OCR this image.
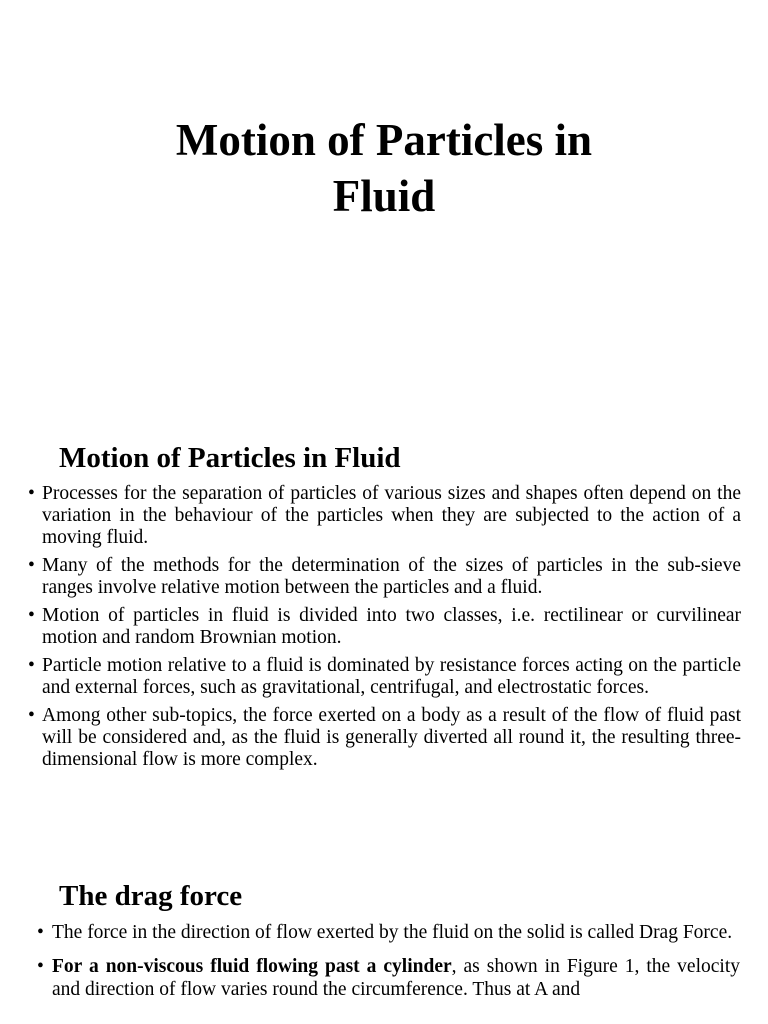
Motion of Particles in
Fluid
Motion of Particles in Fluid
• Processes for the separation of particles of various sizes and shapes often depend on the variation in the behaviour of the particles when they are subjected to the action of a moving fluid.
• Many of the methods for the determination of the sizes of particles in the sub-sieve ranges involve relative motion between the particles and a fluid.
• Motion of particles in fluid is divided into two classes, i.e. rectilinear or curvilinear motion and random Brownian motion.
• Particle motion relative to a fluid is dominated by resistance forces acting on the particle and external forces, such as gravitational, centrifugal, and electrostatic forces.
• Among other sub-topics, the force exerted on a body as a result of the flow of fluid past will be considered and, as the fluid is generally diverted all round it, the resulting three-dimensional flow is more complex.
The drag force
• The force in the direction of flow exerted by the fluid on the solid is called Drag Force.
• For a non-viscous fluid flowing past a cylinder, as shown in Figure 1, the velocity and direction of flow varies round the circumference. Thus at A and
